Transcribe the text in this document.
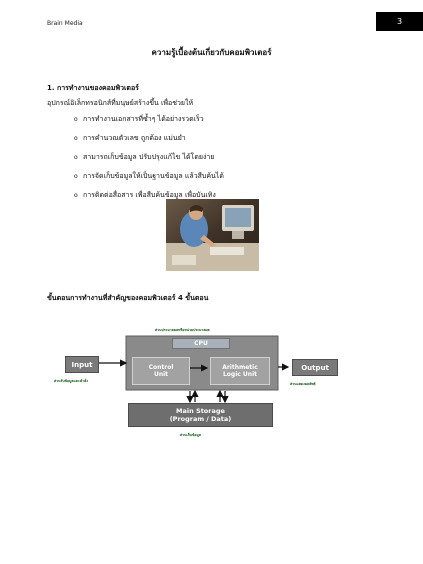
Brain Media	3
ความรู้เบื้องต้นเกี่ยวกับคอมพิวเตอร์
1. การทำงานของคอมพิวเตอร์
อุปกรณ์อิเล็กทรอนิกส์ที่มนุษย์สร้างขึ้น เพื่อช่วยให้
o การทำงานเอกสารที่ซ้ำๆ ได้อย่างรวดเร็ว
o การคำนวณตัวเลข ถูกต้อง แม่นยำ
o สามารถเก็บข้อมูล ปรับปรุงแก้ไข ได้โดยง่าย
o การจัดเก็บข้อมูลให้เป็นฐานข้อมูล แล้วสืบค้นได้
o การติดต่อสื่อสาร เพื่อสืบค้นข้อมูล เพื่อบันเทิง
ขั้นตอนการทำงานที่สำคัญของคอมพิวเตอร์ 4 ขั้นตอน
ส่วนประมวลผลหรือหน่วยประมวลผล
CPU
Input
ส่วนรับข้อมูลและคำสั่ง
Control
Unit
Arithmetic
Logic Unit
Output
ส่วนแสดงผลลัพธ์
Main Storage
(Program / Data)
ส่วนเก็บข้อมูล
